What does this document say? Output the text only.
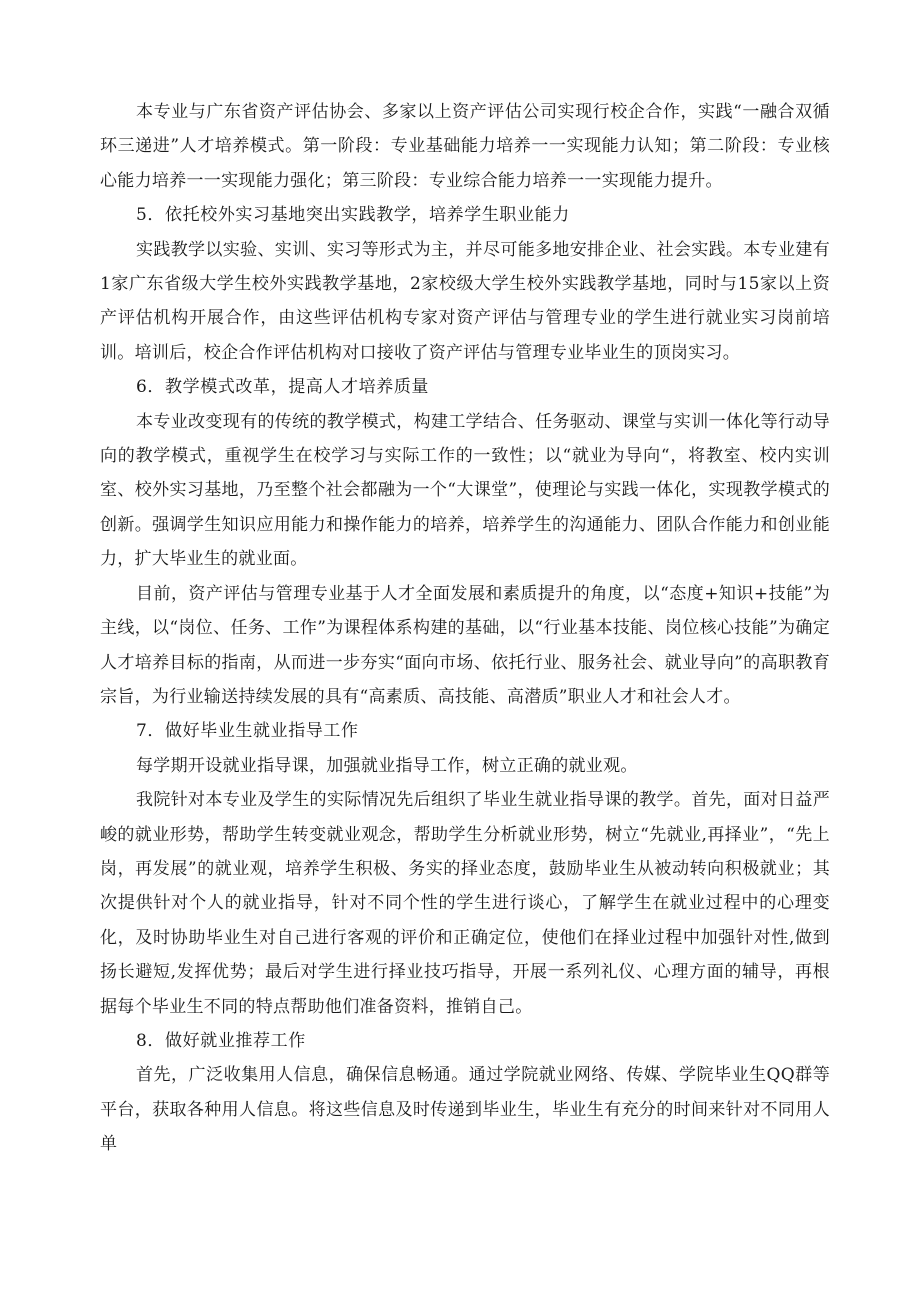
本专业与广东省资产评估协会、多家以上资产评估公司实现行校企合作，实践“一融合双循环三递进”人才培养模式。第一阶段：专业基础能力培养一一实现能力认知；第二阶段：专业核心能力培养一一实现能力强化；第三阶段：专业综合能力培养一一实现能力提升。

5．依托校外实习基地突出实践教学，培养学生职业能力

实践教学以实验、实训、实习等形式为主，并尽可能多地安排企业、社会实践。本专业建有1家广东省级大学生校外实践教学基地，2家校级大学生校外实践教学基地，同时与15家以上资产评估机构开展合作，由这些评估机构专家对资产评估与管理专业的学生进行就业实习岗前培训。培训后，校企合作评估机构对口接收了资产评估与管理专业毕业生的顶岗实习。

6．教学模式改革，提高人才培养质量

本专业改变现有的传统的教学模式，构建工学结合、任务驱动、课堂与实训一体化等行动导向的教学模式，重视学生在校学习与实际工作的一致性；以“就业为导向“，将教室、校内实训室、校外实习基地，乃至整个社会都融为一个“大课堂”，使理论与实践一体化，实现教学模式的创新。强调学生知识应用能力和操作能力的培养，培养学生的沟通能力、团队合作能力和创业能力，扩大毕业生的就业面。

目前，资产评估与管理专业基于人才全面发展和素质提升的角度，以“态度+知识+技能”为主线，以“岗位、任务、工作”为课程体系构建的基础，以“行业基本技能、岗位核心技能”为确定人才培养目标的指南，从而进一步夯实“面向市场、依托行业、服务社会、就业导向”的高职教育宗旨，为行业输送持续发展的具有“高素质、高技能、高潜质”职业人才和社会人才。

7．做好毕业生就业指导工作

每学期开设就业指导课，加强就业指导工作，树立正确的就业观。

我院针对本专业及学生的实际情况先后组织了毕业生就业指导课的教学。首先，面对日益严峻的就业形势，帮助学生转变就业观念，帮助学生分析就业形势，树立“先就业,再择业”，“先上岗，再发展”的就业观，培养学生积极、务实的择业态度，鼓励毕业生从被动转向积极就业；其次提供针对个人的就业指导，针对不同个性的学生进行谈心，了解学生在就业过程中的心理变化，及时协助毕业生对自己进行客观的评价和正确定位，使他们在择业过程中加强针对性,做到扬长避短,发挥优势；最后对学生进行择业技巧指导，开展一系列礼仪、心理方面的辅导，再根据每个毕业生不同的特点帮助他们准备资料，推销自己。

8．做好就业推荐工作

首先，广泛收集用人信息，确保信息畅通。通过学院就业网络、传媒、学院毕业生QQ群等平台，获取各种用人信息。将这些信息及时传递到毕业生，毕业生有充分的时间来针对不同用人单
